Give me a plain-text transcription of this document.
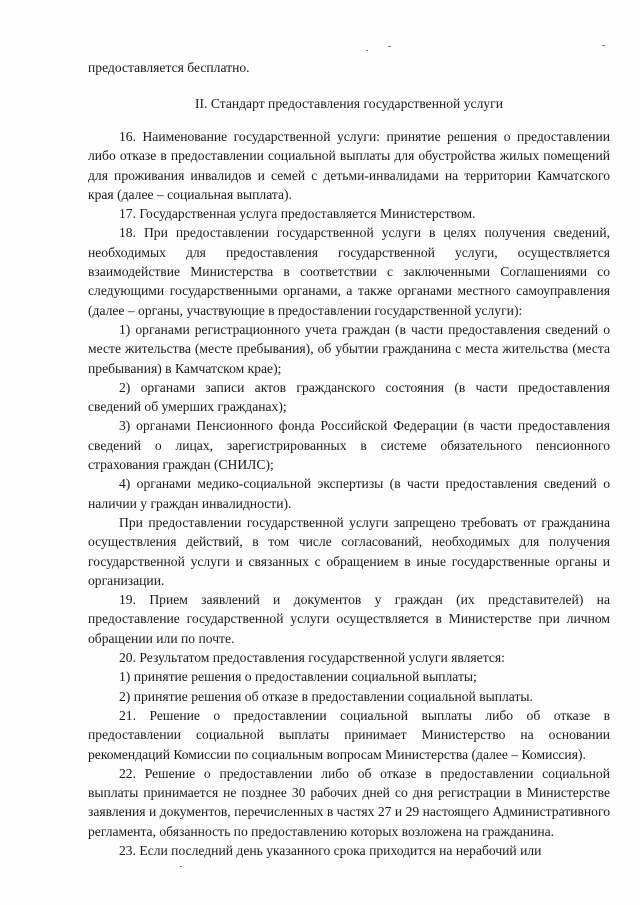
предоставляется бесплатно.

II. Стандарт предоставления государственной услуги

16. Наименование государственной услуги: принятие решения о предоставлении либо отказе в предоставлении социальной выплаты для обустройства жилых помещений для проживания инвалидов и семей с детьми-инвалидами на территории Камчатского края (далее – социальная выплата).

17. Государственная услуга предоставляется Министерством.

18. При предоставлении государственной услуги в целях получения сведений, необходимых для предоставления государственной услуги, осуществляется взаимодействие Министерства в соответствии с заключенными Соглашениями со следующими государственными органами, а также органами местного самоуправления (далее – органы, участвующие в предоставлении государственной услуги):

1) органами регистрационного учета граждан (в части предоставления сведений о месте жительства (месте пребывания), об убытии гражданина с места жительства (места пребывания) в Камчатском крае);

2) органами записи актов гражданского состояния (в части предоставления сведений об умерших гражданах);

3) органами Пенсионного фонда Российской Федерации (в части предоставления сведений о лицах, зарегистрированных в системе обязательного пенсионного страхования граждан (СНИЛС);

4) органами медико-социальной экспертизы (в части предоставления сведений о наличии у граждан инвалидности).

При предоставлении государственной услуги запрещено требовать от гражданина осуществления действий, в том числе согласований, необходимых для получения государственной услуги и связанных с обращением в иные государственные органы и организации.

19. Прием заявлений и документов у граждан (их представителей) на предоставление государственной услуги осуществляется в Министерстве при личном обращении или по почте.

20. Результатом предоставления государственной услуги является:

1) принятие решения о предоставлении социальной выплаты;

2) принятие решения об отказе в предоставлении социальной выплаты.

21. Решение о предоставлении социальной выплаты либо об отказе в предоставлении социальной выплаты принимает Министерство на основании рекомендаций Комиссии по социальным вопросам Министерства (далее – Комиссия).

22. Решение о предоставлении либо об отказе в предоставлении социальной выплаты принимается не позднее 30 рабочих дней со дня регистрации в Министерстве заявления и документов, перечисленных в частях 27 и 29 настоящего Административного регламента, обязанность по предоставлению которых возложена на гражданина.

23. Если последний день указанного срока приходится на нерабочий или
